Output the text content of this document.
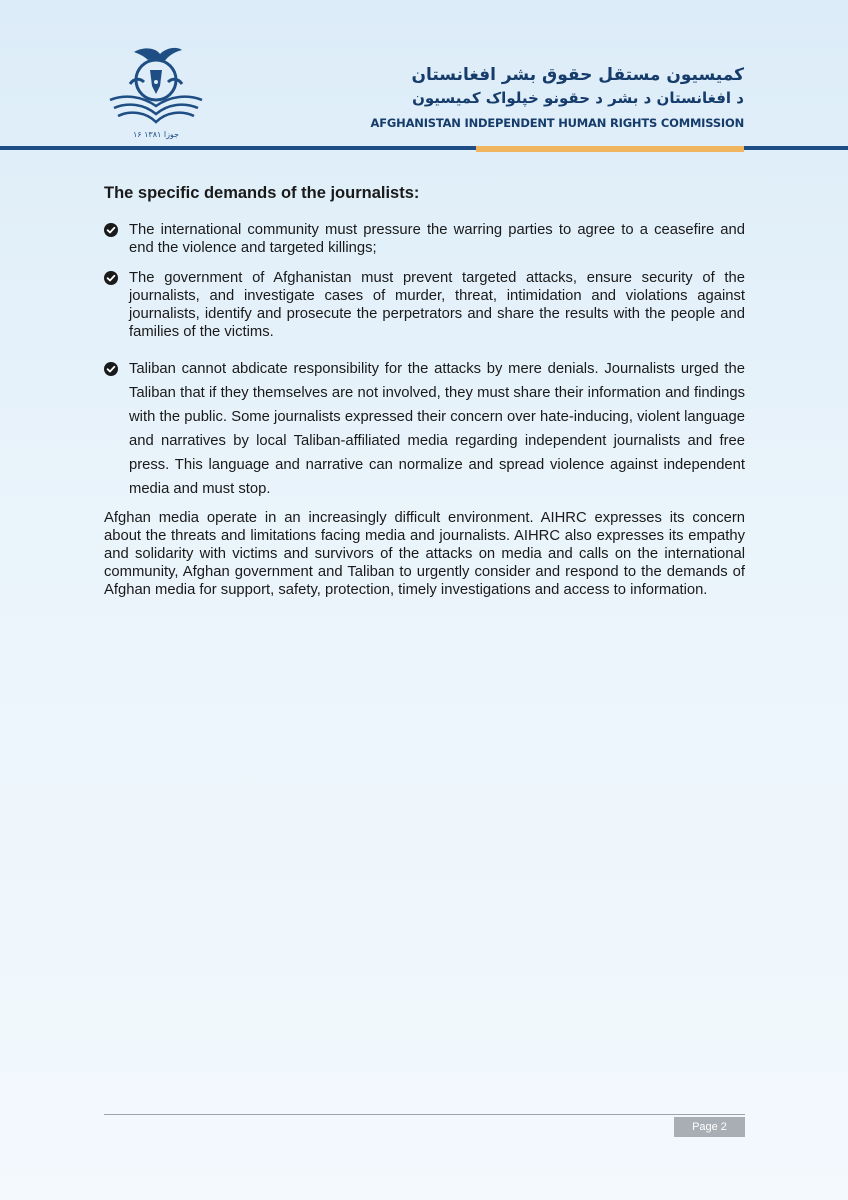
۱۶ جوزا ۱۳۸۱
کمیسیون مستقل حقوق بشر افغانستان
د افغانستان د بشر د حقونو خپلواک کمیسیون
AFGHANISTAN INDEPENDENT HUMAN RIGHTS COMMISSION
The specific demands of the journalists:
The international community must pressure the warring parties to agree to a ceasefire and end the violence and targeted killings;
The government of Afghanistan must prevent targeted attacks, ensure security of the journalists, and investigate cases of murder, threat, intimidation and violations against journalists, identify and prosecute the perpetrators and share the results with the people and families of the victims.
Taliban cannot abdicate responsibility for the attacks by mere denials. Journalists urged the Taliban that if they themselves are not involved, they must share their information and findings with the public. Some journalists expressed their concern over hate-inducing, violent language and narratives by local Taliban-affiliated media regarding independent journalists and free press. This language and narrative can normalize and spread violence against independent media and must stop.

Afghan media operate in an increasingly difficult environment. AIHRC expresses its concern about the threats and limitations facing media and journalists. AIHRC also expresses its empathy and solidarity with victims and survivors of the attacks on media and calls on the international community, Afghan government and Taliban to urgently consider and respond to the demands of Afghan media for support, safety, protection, timely investigations and access to information.

Page 2
